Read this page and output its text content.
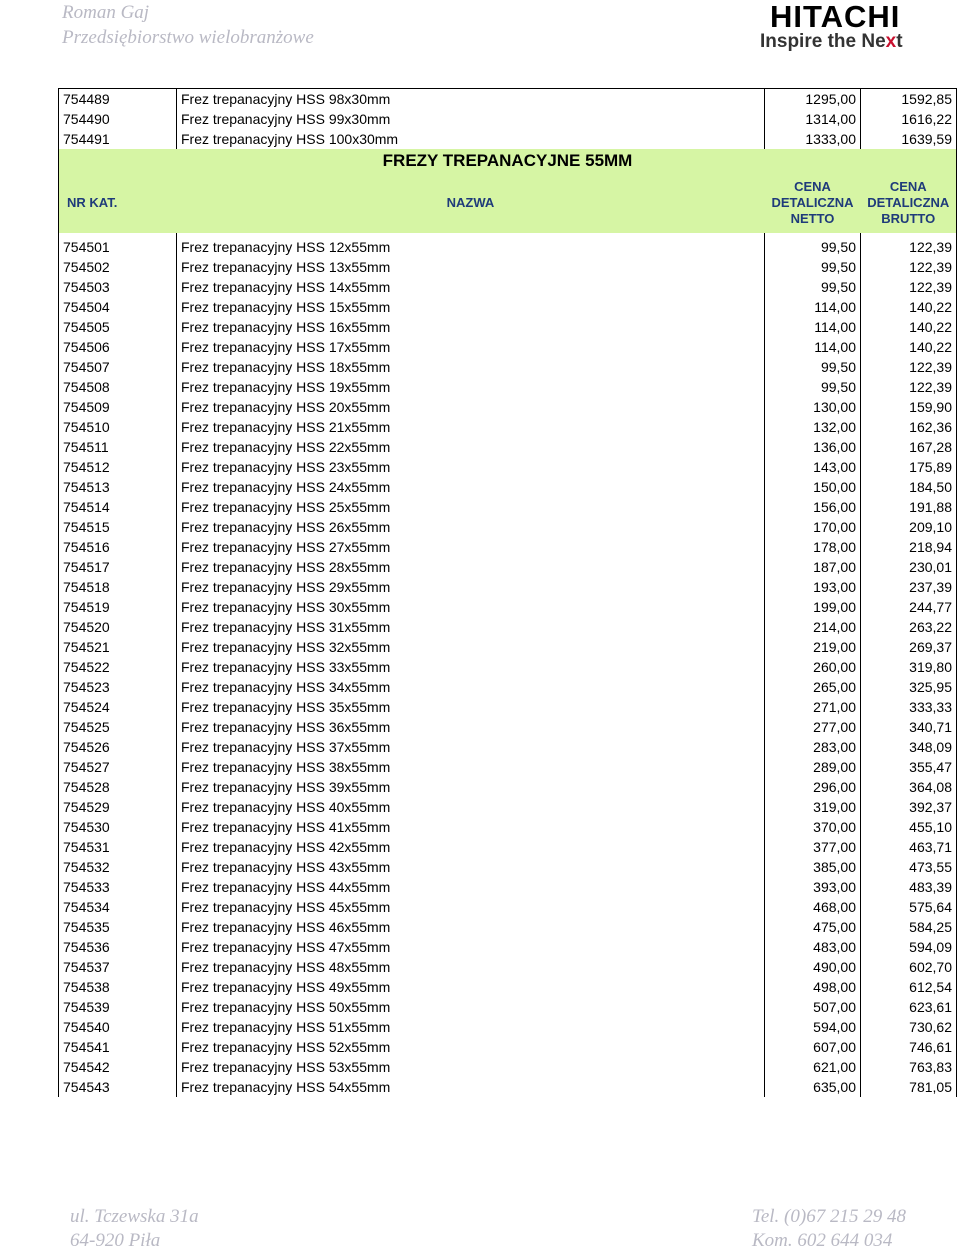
Roman Gaj
Przedsiębiorstwo wielobranżowe
HITACHI
Inspire the Next
754489	Frez trepanacyjny HSS 98x30mm	1295,00	1592,85
754490	Frez trepanacyjny HSS 99x30mm	1314,00	1616,22
754491	Frez trepanacyjny HSS 100x30mm	1333,00	1639,59
FREZY TREPANACYJNE 55MM			
NR KAT.	NAZWA	CENA DETALICZNA NETTO	CENA DETALICZNA BRUTTO

754501	Frez trepanacyjny HSS 12x55mm	99,50	122,39
754502	Frez trepanacyjny HSS 13x55mm	99,50	122,39
754503	Frez trepanacyjny HSS 14x55mm	99,50	122,39
754504	Frez trepanacyjny HSS 15x55mm	114,00	140,22
754505	Frez trepanacyjny HSS 16x55mm	114,00	140,22
754506	Frez trepanacyjny HSS 17x55mm	114,00	140,22
754507	Frez trepanacyjny HSS 18x55mm	99,50	122,39
754508	Frez trepanacyjny HSS 19x55mm	99,50	122,39
754509	Frez trepanacyjny HSS 20x55mm	130,00	159,90
754510	Frez trepanacyjny HSS 21x55mm	132,00	162,36
754511	Frez trepanacyjny HSS 22x55mm	136,00	167,28
754512	Frez trepanacyjny HSS 23x55mm	143,00	175,89
754513	Frez trepanacyjny HSS 24x55mm	150,00	184,50
754514	Frez trepanacyjny HSS 25x55mm	156,00	191,88
754515	Frez trepanacyjny HSS 26x55mm	170,00	209,10
754516	Frez trepanacyjny HSS 27x55mm	178,00	218,94
754517	Frez trepanacyjny HSS 28x55mm	187,00	230,01
754518	Frez trepanacyjny HSS 29x55mm	193,00	237,39
754519	Frez trepanacyjny HSS 30x55mm	199,00	244,77
754520	Frez trepanacyjny HSS 31x55mm	214,00	263,22
754521	Frez trepanacyjny HSS 32x55mm	219,00	269,37
754522	Frez trepanacyjny HSS 33x55mm	260,00	319,80
754523	Frez trepanacyjny HSS 34x55mm	265,00	325,95
754524	Frez trepanacyjny HSS 35x55mm	271,00	333,33
754525	Frez trepanacyjny HSS 36x55mm	277,00	340,71
754526	Frez trepanacyjny HSS 37x55mm	283,00	348,09
754527	Frez trepanacyjny HSS 38x55mm	289,00	355,47
754528	Frez trepanacyjny HSS 39x55mm	296,00	364,08
754529	Frez trepanacyjny HSS 40x55mm	319,00	392,37
754530	Frez trepanacyjny HSS 41x55mm	370,00	455,10
754531	Frez trepanacyjny HSS 42x55mm	377,00	463,71
754532	Frez trepanacyjny HSS 43x55mm	385,00	473,55
754533	Frez trepanacyjny HSS 44x55mm	393,00	483,39
754534	Frez trepanacyjny HSS 45x55mm	468,00	575,64
754535	Frez trepanacyjny HSS 46x55mm	475,00	584,25
754536	Frez trepanacyjny HSS 47x55mm	483,00	594,09
754537	Frez trepanacyjny HSS 48x55mm	490,00	602,70
754538	Frez trepanacyjny HSS 49x55mm	498,00	612,54
754539	Frez trepanacyjny HSS 50x55mm	507,00	623,61
754540	Frez trepanacyjny HSS 51x55mm	594,00	730,62
754541	Frez trepanacyjny HSS 52x55mm	607,00	746,61
754542	Frez trepanacyjny HSS 53x55mm	621,00	763,83
754543	Frez trepanacyjny HSS 54x55mm	635,00	781,05
ul. Tczewska 31a
64-920 Piła
Tel. (0)67 215 29 48
Kom. 602 644 034
